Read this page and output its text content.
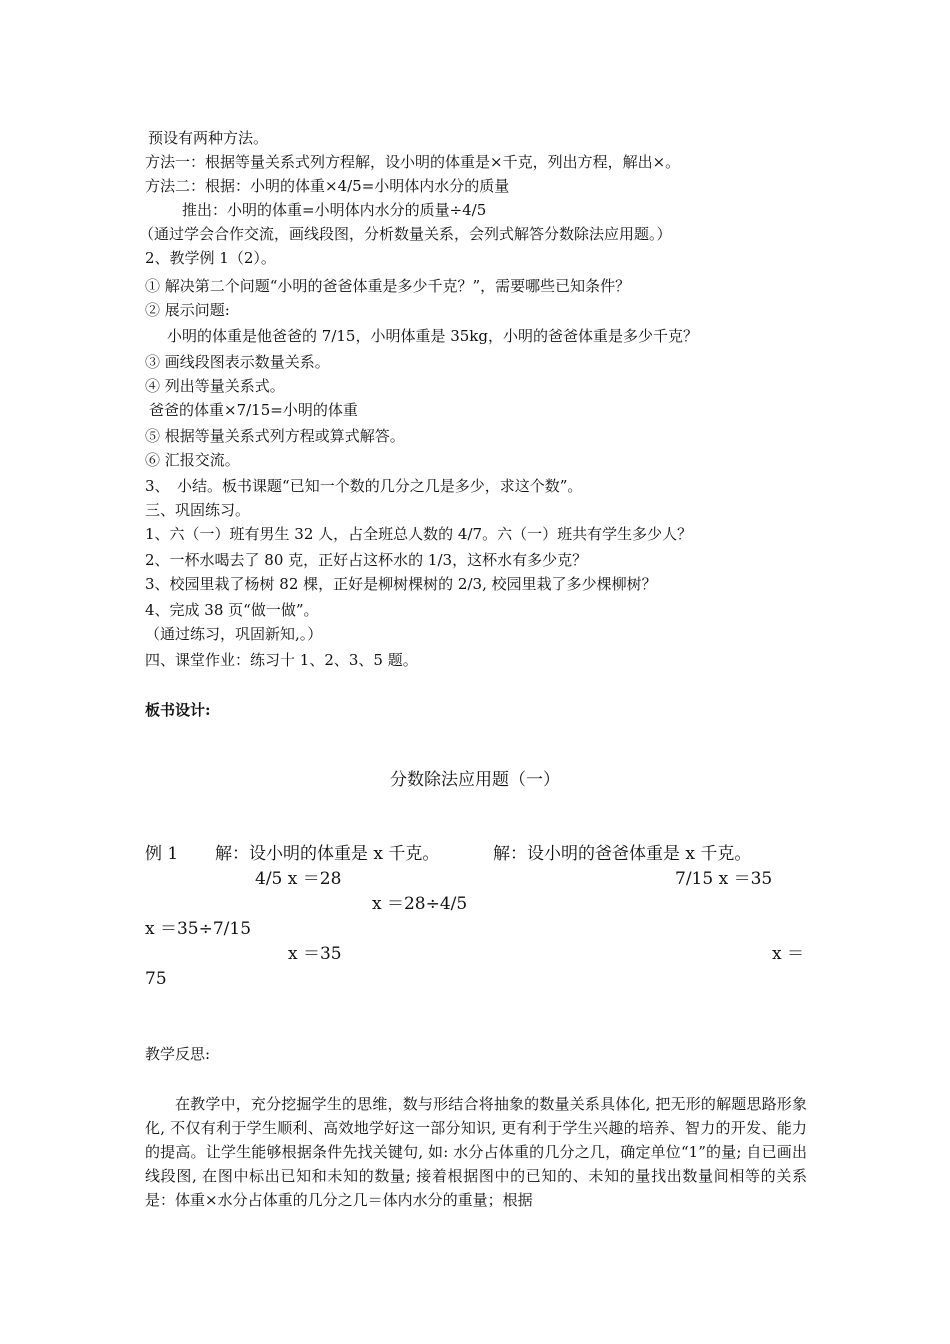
预设有两种方法。
方法一：根据等量关系式列方程解，设小明的体重是×千克，列出方程，解出×。
方法二：根据：小明的体重×4/5=小明体内水分的质量
推出：小明的体重=小明体内水分的质量÷4/5
（通过学会合作交流，画线段图，分析数量关系，会列式解答分数除法应用题。）
2、教学例 1（2）。
① 解决第二个问题“小明的爸爸体重是多少千克？”，需要哪些已知条件？
② 展示问题:
小明的体重是他爸爸的 7/15，小明体重是 35kg，小明的爸爸体重是多少千克？
③ 画线段图表示数量关系。
④ 列出等量关系式。
爸爸的体重×7/15=小明的体重
⑤ 根据等量关系式列方程或算式解答。
⑥ 汇报交流。
3、　小结。板书课题“已知一个数的几分之几是多少，求这个数”。
三、巩固练习。
1、六（一）班有男生 32 人，占全班总人数的 4/7。六（一）班共有学生多少人？
2、一杯水喝去了 80 克，正好占这杯水的 1/3，这杯水有多少克？
3、校园里栽了杨树 82 棵，正好是柳树棵树的 2/3, 校园里栽了多少棵柳树？
4、完成 38 页“做一做”。
（通过练习，巩固新知,。）
四、课堂作业：练习十 1、2、3、5 题。
板书设计:
分数除法应用题（一）
例 1 解：设小明的体重是 x 千克。	解：设小明的爸爸体重是 x 千克。
4/5 x ＝28	7/15 x ＝35
x ＝28÷4/5
x ＝35÷7/15
x ＝35	x ＝
75
教学反思:
在教学中，充分挖掘学生的思维，数与形结合将抽象的数量关系具体化, 把无形的解题思路形象化, 不仅有利于学生顺利、高效地学好这一部分知识, 更有利于学生兴趣的培养、智力的开发、能力的提高。让学生能够根据条件先找关键句, 如: 水分占体重的几分之几，确定单位“1”的量; 自已画出线段图, 在图中标出已知和未知的数量; 接着根据图中的已知的、未知的量找出数量间相等的关系是：体重×水分占体重的几分之几＝体内水分的重量；根据
